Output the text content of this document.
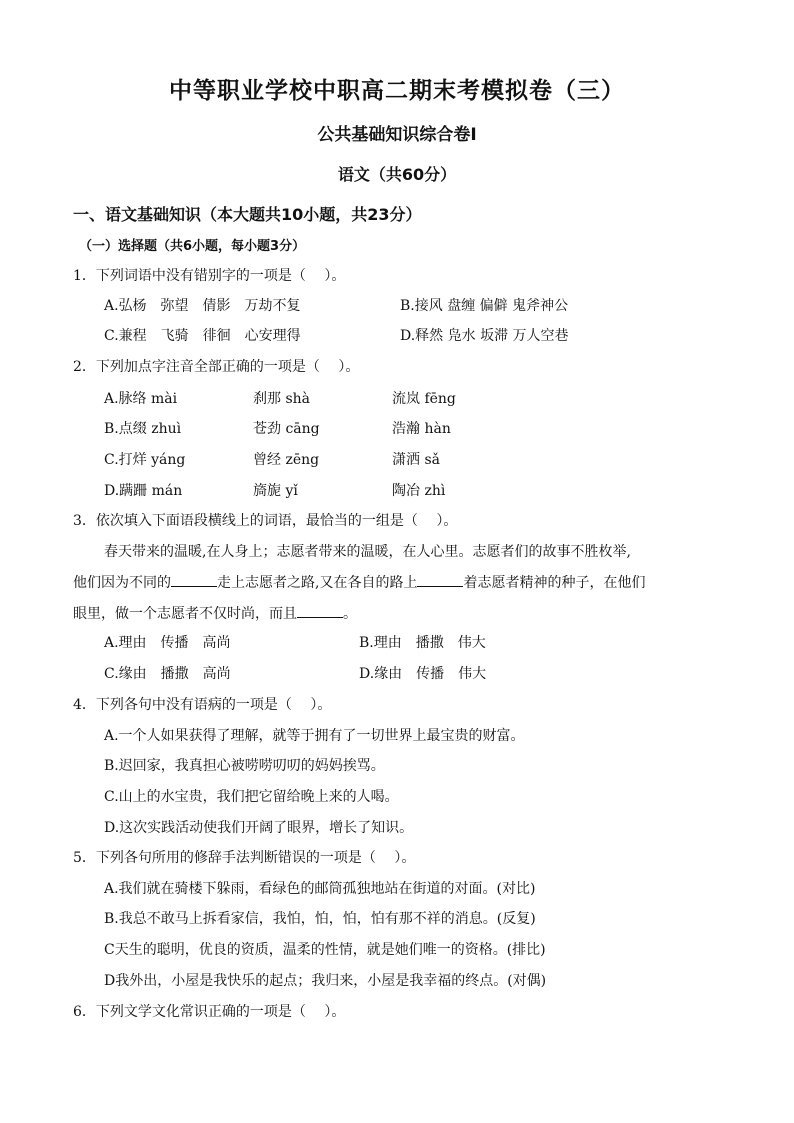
中等职业学校中职高二期末考模拟卷（三）
公共基础知识综合卷Ⅰ
语文（共60分）
一、语文基础知识（本大题共10小题，共23分）
（一）选择题（共6小题，每小题3分）
1．下列词语中没有错别字的一项是（　 ）。
A.弘杨　弥望　倩影　万劫不复	B.接风 盘缠 偏僻 鬼斧神公
C.兼程　飞骑　徘徊　心安理得	D.释然 凫水 坂滞 万人空巷
2．下列加点字注音全部正确的一项是（　 ）。
A.脉络 mài	刹那 shà	流岚 fēng
B.点缀 zhuì	苍劲 cāng	浩瀚 hàn
C.打烊 yáng	曾经 zēng	潇洒 sǎ
D.蹒跚 mán	旖旎 yǐ	陶冶 zhì
3．依次填入下面语段横线上的词语，最恰当的一组是（　 ）。
春天带来的温暖,在人身上；志愿者带来的温暖，在人心里。志愿者们的故事不胜枚举,
他们因为不同的	走上志愿者之路,又在各自的路上	着志愿者精神的种子，在他们
眼里，做一个志愿者不仅时尚，而且	。
A.理由　传播　高尚	B.理由　播撒　伟大
C.缘由　播撒　高尚	D.缘由　传播　伟大
4．下列各句中没有语病的一项是（　 ）。
A.一个人如果获得了理解，就等于拥有了一切世界上最宝贵的财富。
B.迟回家，我真担心被唠唠叨叨的妈妈挨骂。
C.山上的水宝贵，我们把它留给晚上来的人喝。
D.这次实践活动使我们开阔了眼界，增长了知识。
5．下列各句所用的修辞手法判断错误的一项是（　 ）。
A.我们就在骑楼下躲雨，看绿色的邮筒孤独地站在街道的对面。(对比)
B.我总不敢马上拆看家信，我怕，怕，怕，怕有那不祥的消息。(反复)
C天生的聪明，优良的资质，温柔的性情，就是她们唯一的资格。(排比)
D我外出，小屋是我快乐的起点；我归来，小屋是我幸福的终点。(对偶)
6．下列文学文化常识正确的一项是（　 ）。
